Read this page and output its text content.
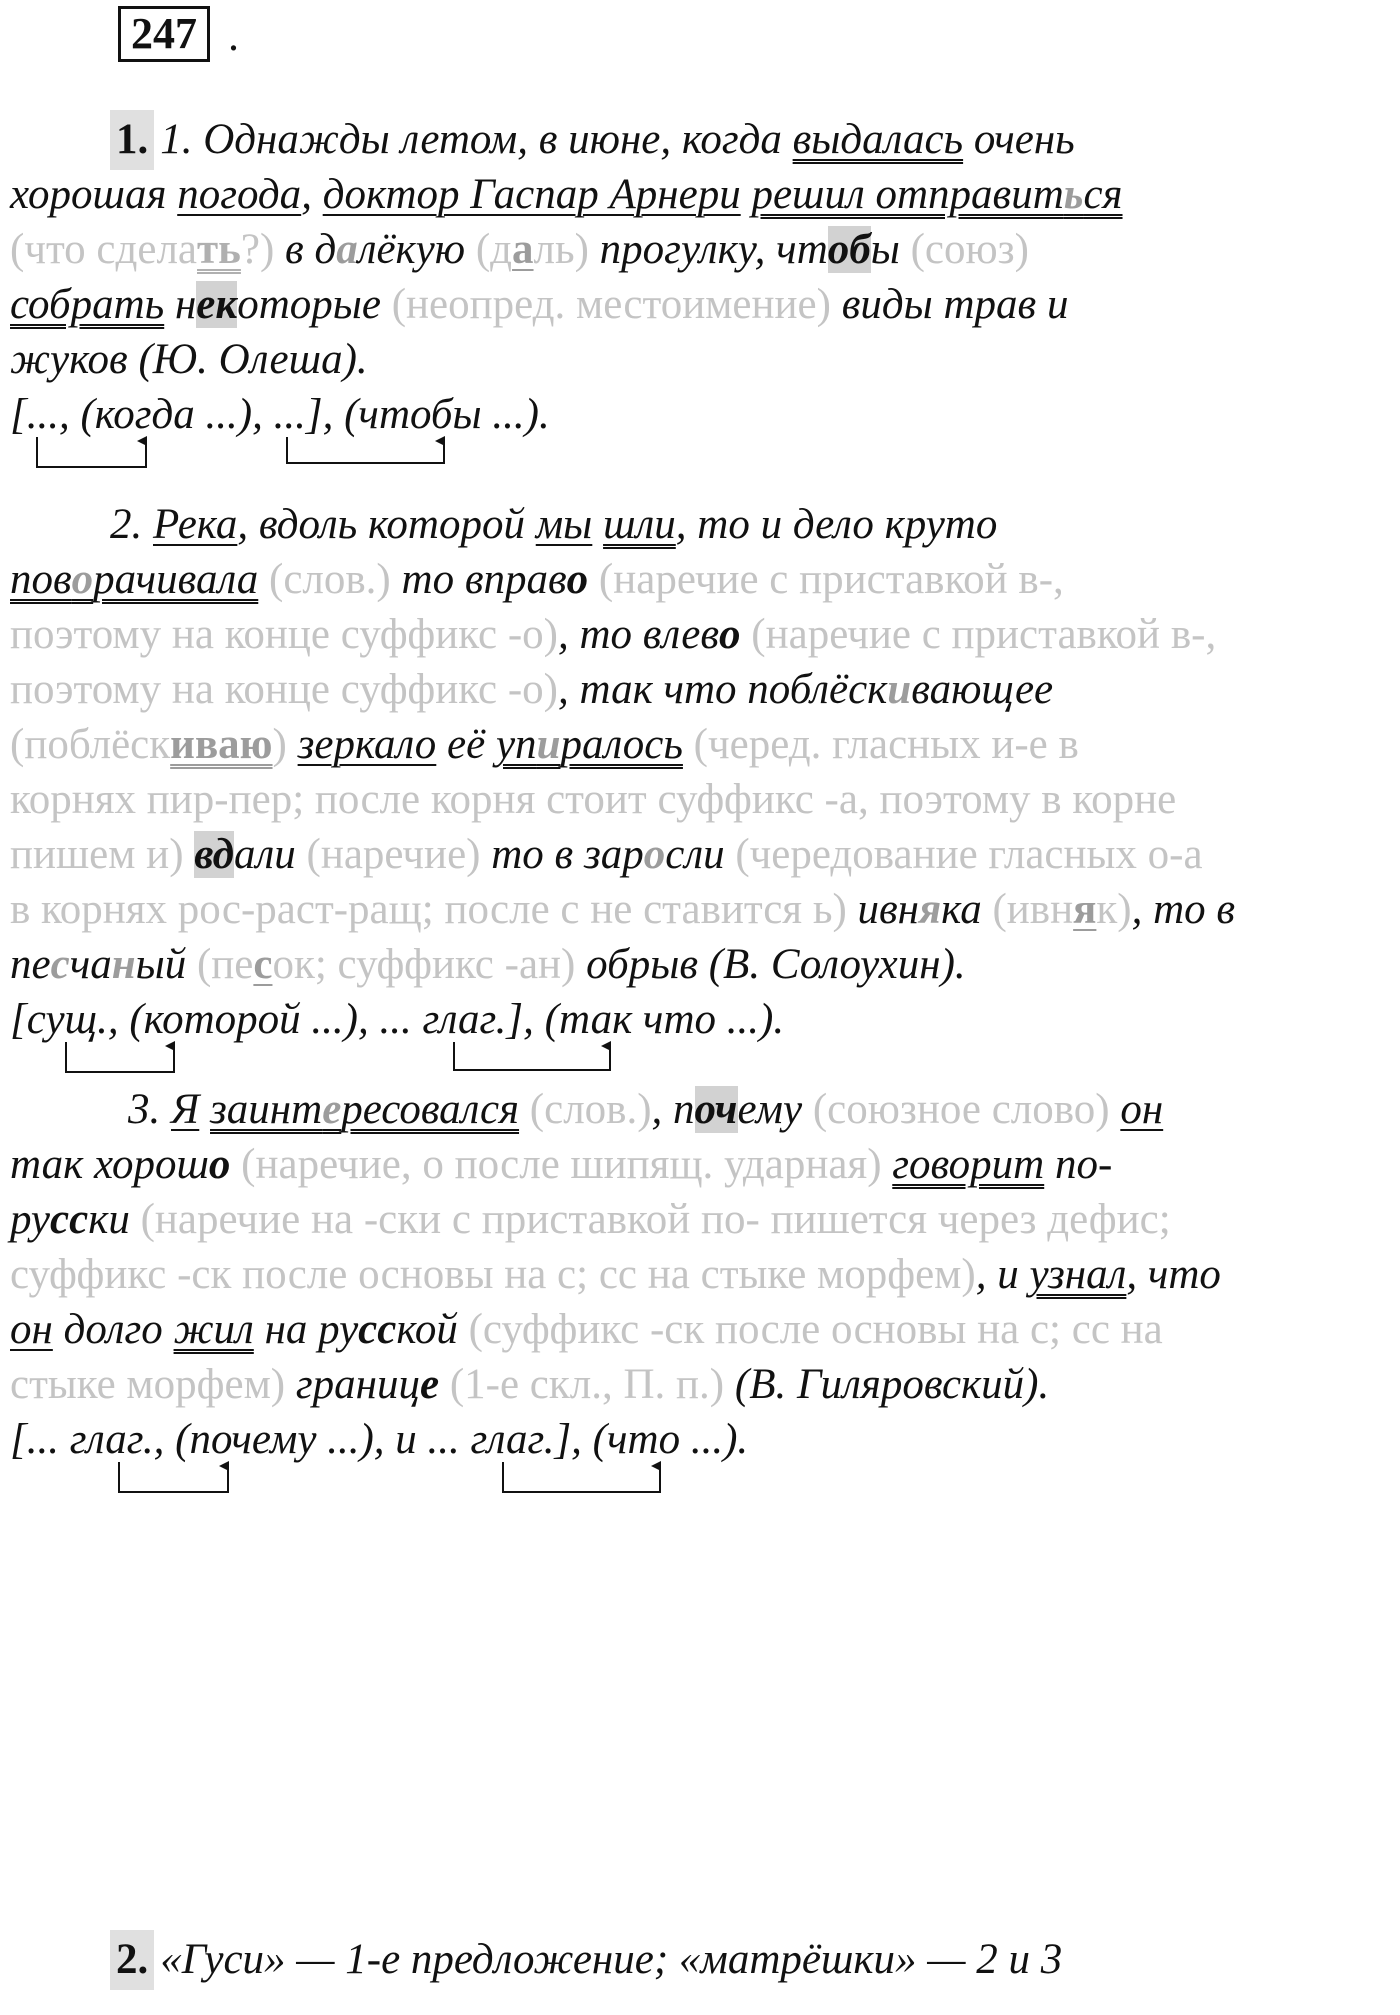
247 .
1. 1. Однажды летом, в июне, когда выдалась очень
хорошая погода, доктор Гаспар Арнери решил отправиться
(что сделать?) в далёкую (даль) прогулку, чтобы (союз)
собрать некоторые (неопред. местоимение) виды трав и
жуков (Ю. Олеша).
[..., (когда ...), ...], (чтобы ...).
2. Река, вдоль которой мы шли, то и дело круто
поворачивала (слов.) то вправо (наречие с приставкой в-,
поэтому на конце суффикс -о), то влево (наречие с приставкой в-,
поэтому на конце суффикс -о), так что поблёскивающее
(поблёскиваю) зеркало её упиралось (черед. гласных и-е в
корнях пир-пер; после корня стоит суффикс -а, поэтому в корне
пишем и) вдали (наречие) то в заросли (чередование гласных о-а
в корнях рос-раст-ращ; после с не ставится ь) ивняка (ивняк), то в
песчаный (песок; суффикс -ан) обрыв (В. Солоухин).
[сущ., (которой ...), ... глаг.], (так что ...).
3. Я заинтересовался (слов.), почему (союзное слово) он
так хорошо (наречие, о после шипящ. ударная) говорит по-
русски (наречие на -ски с приставкой по- пишется через дефис;
суффикс -ск после основы на с; сс на стыке морфем), и узнал, что
он долго жил на русской (суффикс -ск после основы на с; сс на
стыке морфем) границе (1-е скл., П. п.) (В. Гиляровский).
[... глаг., (почему ...), и ... глаг.], (что ...).
2. «Гуси» — 1-е предложение; «матрёшки» — 2 и 3
